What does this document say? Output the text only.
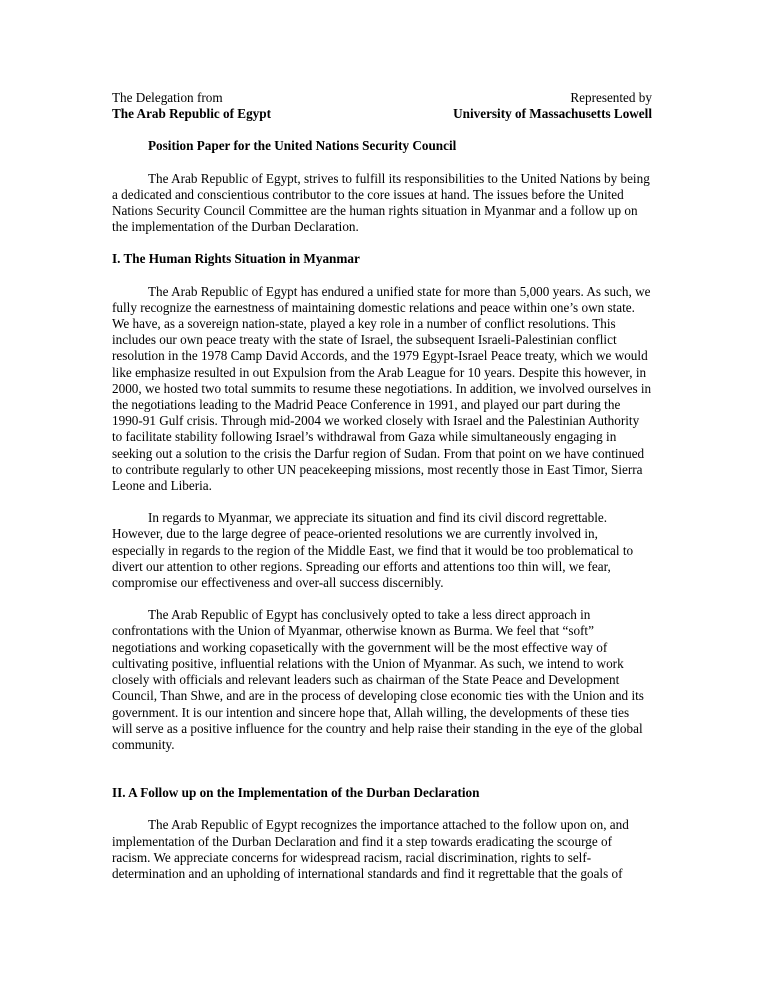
The Delegation from
The Arab Republic of Egypt
Represented by
University of Massachusetts Lowell
Position Paper for the United Nations Security Council

The Arab Republic of Egypt, strives to fulfill its responsibilities to the United Nations by being a dedicated and conscientious contributor to the core issues at hand. The issues before the United Nations Security Council Committee are the human rights situation in Myanmar and a follow up on the implementation of the Durban Declaration.

I. The Human Rights Situation in Myanmar

The Arab Republic of Egypt has endured a unified state for more than 5,000 years. As such, we fully recognize the earnestness of maintaining domestic relations and peace within one’s own state. We have, as a sovereign nation-state, played a key role in a number of conflict resolutions. This includes our own peace treaty with the state of Israel, the subsequent Israeli-Palestinian conflict resolution in the 1978 Camp David Accords, and the 1979 Egypt-Israel Peace treaty, which we would like emphasize resulted in out Expulsion from the Arab League for 10 years. Despite this however, in 2000, we hosted two total summits to resume these negotiations. In addition, we involved ourselves in the negotiations leading to the Madrid Peace Conference in 1991, and played our part during the 1990-91 Gulf crisis. Through mid-2004 we worked closely with Israel and the Palestinian Authority to facilitate stability following Israel’s withdrawal from Gaza while simultaneously engaging in seeking out a solution to the crisis the Darfur region of Sudan. From that point on we have continued to contribute regularly to other UN peacekeeping missions, most recently those in East Timor, Sierra Leone and Liberia.

In regards to Myanmar, we appreciate its situation and find its civil discord regrettable. However, due to the large degree of peace-oriented resolutions we are currently involved in, especially in regards to the region of the Middle East, we find that it would be too problematical to divert our attention to other regions. Spreading our efforts and attentions too thin will, we fear, compromise our effectiveness and over-all success discernibly.

The Arab Republic of Egypt has conclusively opted to take a less direct approach in confrontations with the Union of Myanmar, otherwise known as Burma. We feel that “soft” negotiations and working copasetically with the government will be the most effective way of cultivating positive, influential relations with the Union of Myanmar. As such, we intend to work closely with officials and relevant leaders such as chairman of the State Peace and Development Council, Than Shwe, and are in the process of developing close economic ties with the Union and its government. It is our intention and sincere hope that, Allah willing, the developments of these ties will serve as a positive influence for the country and help raise their standing in the eye of the global community.

II. A Follow up on the Implementation of the Durban Declaration

The Arab Republic of Egypt recognizes the importance attached to the follow upon on, and implementation of the Durban Declaration and find it a step towards eradicating the scourge of racism. We appreciate concerns for widespread racism, racial discrimination, rights to self-determination and an upholding of international standards and find it regrettable that the goals of
